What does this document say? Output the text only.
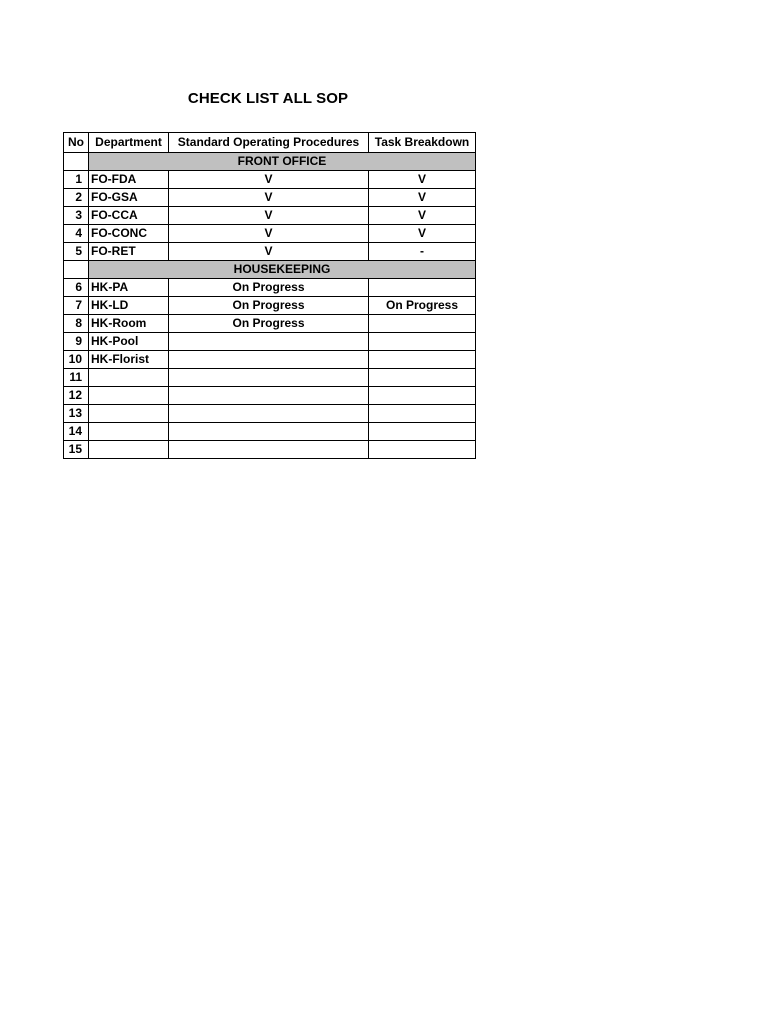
CHECK LIST ALL SOP
No	Department	Standard Operating Procedures	Task Breakdown
	FRONT OFFICE		
1	FO-FDA	V	V
2	FO-GSA	V	V
3	FO-CCA	V	V
4	FO-CONC	V	V
5	FO-RET	V	-
	HOUSEKEEPING		
6	HK-PA	On Progress	
7	HK-LD	On Progress	On Progress
8	HK-Room	On Progress	
9	HK-Pool		
10	HK-Florist		
11			
12			
13			
14			
15			
